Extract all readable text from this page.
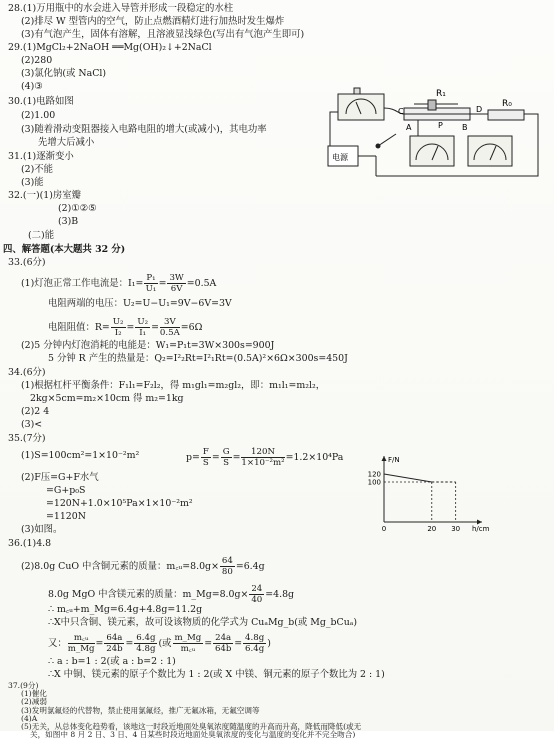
28.(1)万用瓶中的水会进入导管并形成一段稳定的水柱
(2)排尽 W 型管内的空气，防止点燃酒精灯进行加热时发生爆炸
(3)有气泡产生，固体有溶解，且溶液显浅绿色(写出有气泡产生即可)
29.(1)MgCl₂+2NaOH ══Mg(OH)₂↓+2NaCl
(2)280
(3)氯化钠(或 NaCl)
(4)③
30.(1)电路如图
(2)1.00
(3)随着滑动变阻器接入电路电阻的增大(或减小)，其电功率
先增大后减小
R₁
C
A	B
D
P
R₀
电源
31.(1)逐渐变小
(2)不能
(3)能
32.(一)(1)房室瓣
(2)①②⑤
(3)B
(二)能
四、解答题(本大题共 32 分)
33.(6分)
(1)灯泡正常工作电流是：$I_1= \frac{\text{P₁}}{\text{U₁}} = \frac{3W}{6V} =0.5A$
电阻两端的电压：U₂=U−U₁=9V−6V=3V
电阻阻值：$R= \frac{\text{U₂}}{\text{I₂}} = \frac{\text{U₂}}{\text{I₁}} = \frac{3V}{0.5A} =6\Omega$
(2)5 分钟内灯泡消耗的电能是：W₁=P₁t=3W×300s=900J
5 分钟 R 产生的热量是：Q₂=I²₂Rt=I²₁Rt=(0.5A)²×6Ω×300s=450J
34.(6分)
(1)根据杠杆平衡条件：F₁l₁=F₂l₂，得 m₁gl₁=m₂gl₂，即：m₁l₁=m₂l₂，
2kg×5cm=m₂×10cm 得 m₂=1kg
(2)2 4
(3)<
35.(7分)
(1)S=100cm²=1×10⁻²m²	$p= \frac{F}{S} = \frac{G}{S} = \frac{120N}{\text{1×10⁻²m²}} =1.2\times 10^4Pa$
(2)F压=G+F水气
=G+p₀S
=120N+1.0×10⁵Pa×1×10⁻²m²
=1120N
(3)如图。
F/N
h/cm
100
120
0	20 30
36.(1)4.8
(2)8.0g CuO 中含铜元素的质量：m꜀ᵤ=8.0g× $\frac{64}{80} =6.4g$
8.0g MgO 中含镁元素的质量：m_Mg=8.0g× $\frac{24}{40} =4.8g$
∴ m꜀ᵤ+m_Mg=6.4g+4.8g=11.2g
∴X中只含铜、镁元素，故可设该物质的化学式为 CuₐMg_b(或 Mg_bCuₐ)
又： $\frac{\text{m꜀ᵤ}}{m\_Mg} = \frac{64a}{24b} = \frac{6.4g}{4.8g}$ (或 $\frac{m\_Mg}{\text{m꜀ᵤ}} = \frac{24a}{64b} = \frac{4.8g}{6.4g}$ )
∴ a : b=1 : 2(或 a : b=2 : 1)
∴X 中铜、镁元素的原子个数比为 1 : 2(或 X 中镁、铜元素的原子个数比为 2 : 1)
37.(9分)
(1)催化
(2)减弱
(3)发明氯氟烃的代替物，禁止使用氯氟烃，推广无氟冰箱，无氟空调等
(4)A
(5)无关，从总体变化趋势看，该地这一时段近地面处臭氧浓度随温度的升高而升高，降低而降低(或无
关，如图中 8 月 2 日、3 日、4 日某些时段近地面处臭氧浓度的变化与温度的变化并不完全吻合)
